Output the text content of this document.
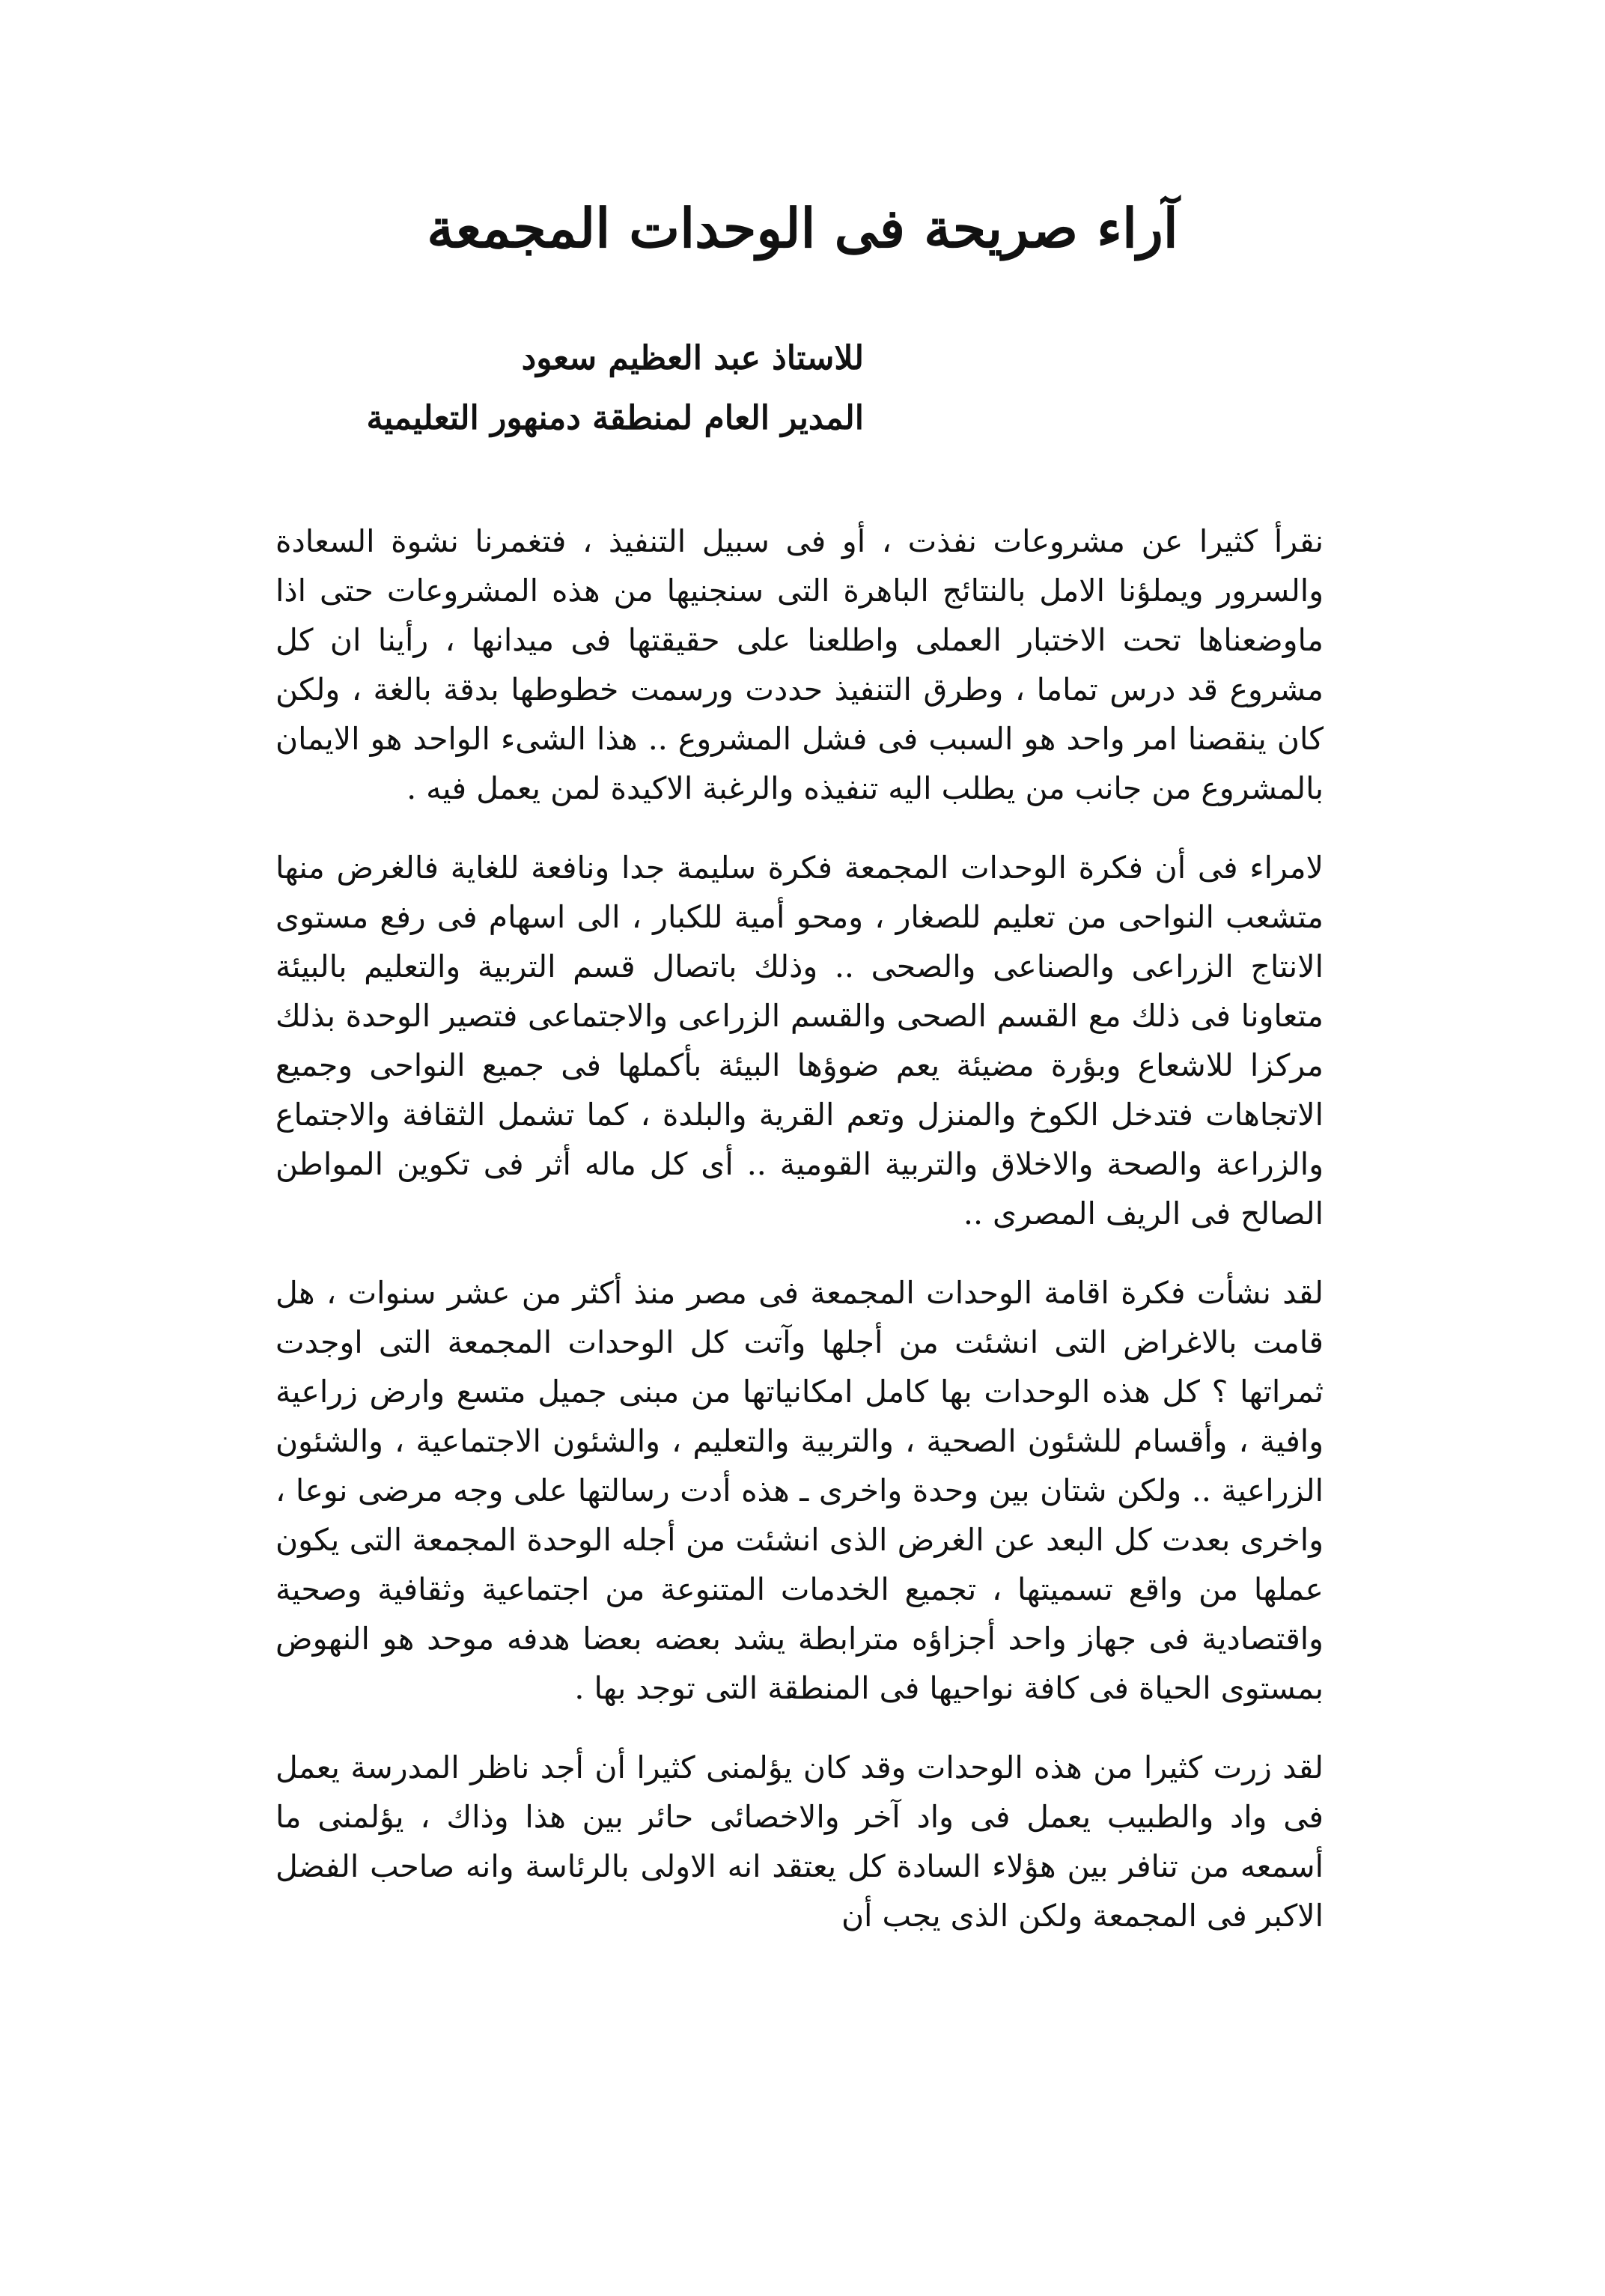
آراء صريحة فى الوحدات المجمعة
للاستاذ عبد العظيم سعود
المدير العام لمنطقة دمنهور التعليمية

نقرأ كثيرا عن مشروعات نفذت ، أو فى سبيل التنفيذ ، فتغمرنا نشوة السعادة والسرور ويملؤنا الامل بالنتائج الباهرة التى سنجنيها من هذه المشروعات حتى اذا ماوضعناها تحت الاختبار العملى واطلعنا على حقيقتها فى ميدانها ، رأينا ان كل مشروع قد درس تماما ، وطرق التنفيذ حددت ورسمت خطوطها بدقة بالغة ، ولكن كان ينقصنا امر واحد هو السبب فى فشل المشروع .. هذا الشىء الواحد هو الايمان بالمشروع من جانب من يطلب اليه تنفيذه والرغبة الاكيدة لمن يعمل فيه .

لامراء فى أن فكرة الوحدات المجمعة فكرة سليمة جدا ونافعة للغاية فالغرض منها متشعب النواحى من تعليم للصغار ، ومحو أمية للكبار ، الى اسهام فى رفع مستوى الانتاج الزراعى والصناعى والصحى .. وذلك باتصال قسم التربية والتعليم بالبيئة متعاونا فى ذلك مع القسم الصحى والقسم الزراعى والاجتماعى فتصير الوحدة بذلك مركزا للاشعاع وبؤرة مضيئة يعم ضوؤها البيئة بأكملها فى جميع النواحى وجميع الاتجاهات فتدخل الكوخ والمنزل وتعم القرية والبلدة ، كما تشمل الثقافة والاجتماع والزراعة والصحة والاخلاق والتربية القومية .. أى كل ماله أثر فى تكوين المواطن الصالح فى الريف المصرى ..

لقد نشأت فكرة اقامة الوحدات المجمعة فى مصر منذ أكثر من عشر سنوات ، هل قامت بالاغراض التى انشئت من أجلها وآتت كل الوحدات المجمعة التى اوجدت ثمراتها ؟ كل هذه الوحدات بها كامل امكانياتها من مبنى جميل متسع وارض زراعية وافية ، وأقسام للشئون الصحية ، والتربية والتعليم ، والشئون الاجتماعية ، والشئون الزراعية .. ولكن شتان بين وحدة واخرى ـ هذه أدت رسالتها على وجه مرضى نوعا ، واخرى بعدت كل البعد عن الغرض الذى انشئت من أجله الوحدة المجمعة التى يكون عملها من واقع تسميتها ، تجميع الخدمات المتنوعة من اجتماعية وثقافية وصحية واقتصادية فى جهاز واحد أجزاؤه مترابطة يشد بعضه بعضا هدفه موحد هو النهوض بمستوى الحياة فى كافة نواحيها فى المنطقة التى توجد بها .

لقد زرت كثيرا من هذه الوحدات وقد كان يؤلمنى كثيرا أن أجد ناظر المدرسة يعمل فى واد والطبيب يعمل فى واد آخر والاخصائى حائر بين هذا وذاك ، يؤلمنى ما أسمعه من تنافر بين هؤلاء السادة كل يعتقد انه الاولى بالرئاسة وانه صاحب الفضل الاكبر فى المجمعة ولكن الذى يجب أن
